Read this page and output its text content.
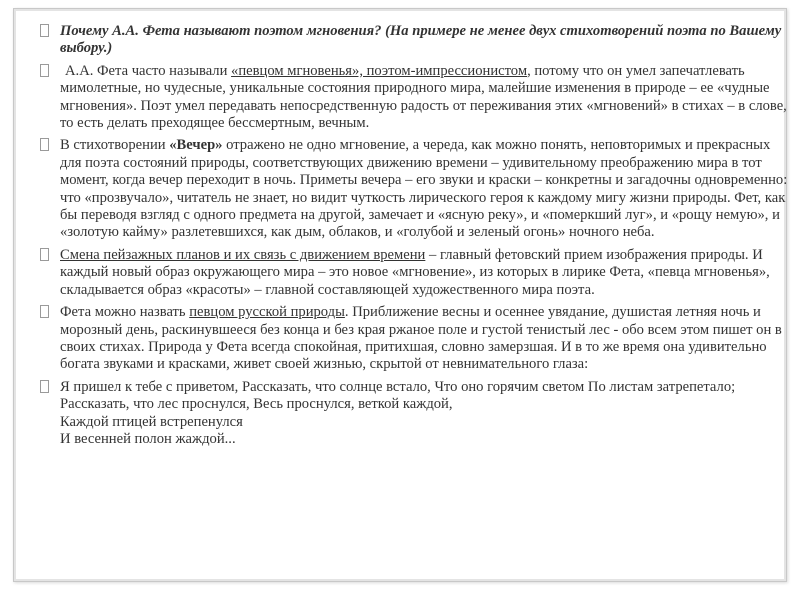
Почему А.А. Фета называют поэтом мгновения? (На примере не менее двух стихотворений поэта по Вашему выбору.)
А.А. Фета часто называли «певцом мгновенья», поэтом-импрессионистом, потому что он умел запечатлевать мимолетные, но чудесные, уникальные состояния природного мира, малейшие изменения в природе – ее «чудные мгновения». Поэт умел передавать непосредственную радость от переживания этих «мгновений» в стихах – в слове, то есть делать преходящее бессмертным, вечным.
В стихотворении «Вечер» отражено не одно мгновение, а череда, как можно понять, неповторимых и прекрасных для поэта состояний природы, соответствующих движению времени – удивительному преображению мира в тот момент, когда вечер переходит в ночь. Приметы вечера – его звуки и краски – конкретны и загадочны одновременно: что «прозвучало», читатель не знает, но видит чуткость лирического героя к каждому мигу жизни природы. Фет, как бы переводя взгляд с одного предмета на другой, замечает и «ясную реку», и «померкший луг», и «рощу немую», и «золотую кайму» разлетевшихся, как дым, облаков, и «голубой и зеленый огонь» ночного неба.
Смена пейзажных планов и их связь с движением времени – главный фетовский прием изображения природы. И каждый новый образ окружающего мира – это новое «мгновение», из которых в лирике Фета, «певца мгновенья», складывается образ «красоты» – главной составляющей художественного мира поэта.
Фета можно назвать певцом русской природы. Приближение весны и осеннее увядание, душистая летняя ночь и морозный день, раскинувшееся без конца и без края ржаное поле и густой тенистый лес - обо всем этом пишет он в своих стихах. Природа у Фета всегда спокойная, притихшая, словно замерзшая. И в то же время она удивительно богата звуками и красками, живет своей жизнью, скрытой от невнимательного глаза:
Я пришел к тебе с приветом, Рассказать, что солнце встало, Что оно горячим светом По листам затрепетало; Рассказать, что лес проснулся, Весь проснулся, веткой каждой,
Каждой птицей встрепенулся
И весенней полон жаждой...
